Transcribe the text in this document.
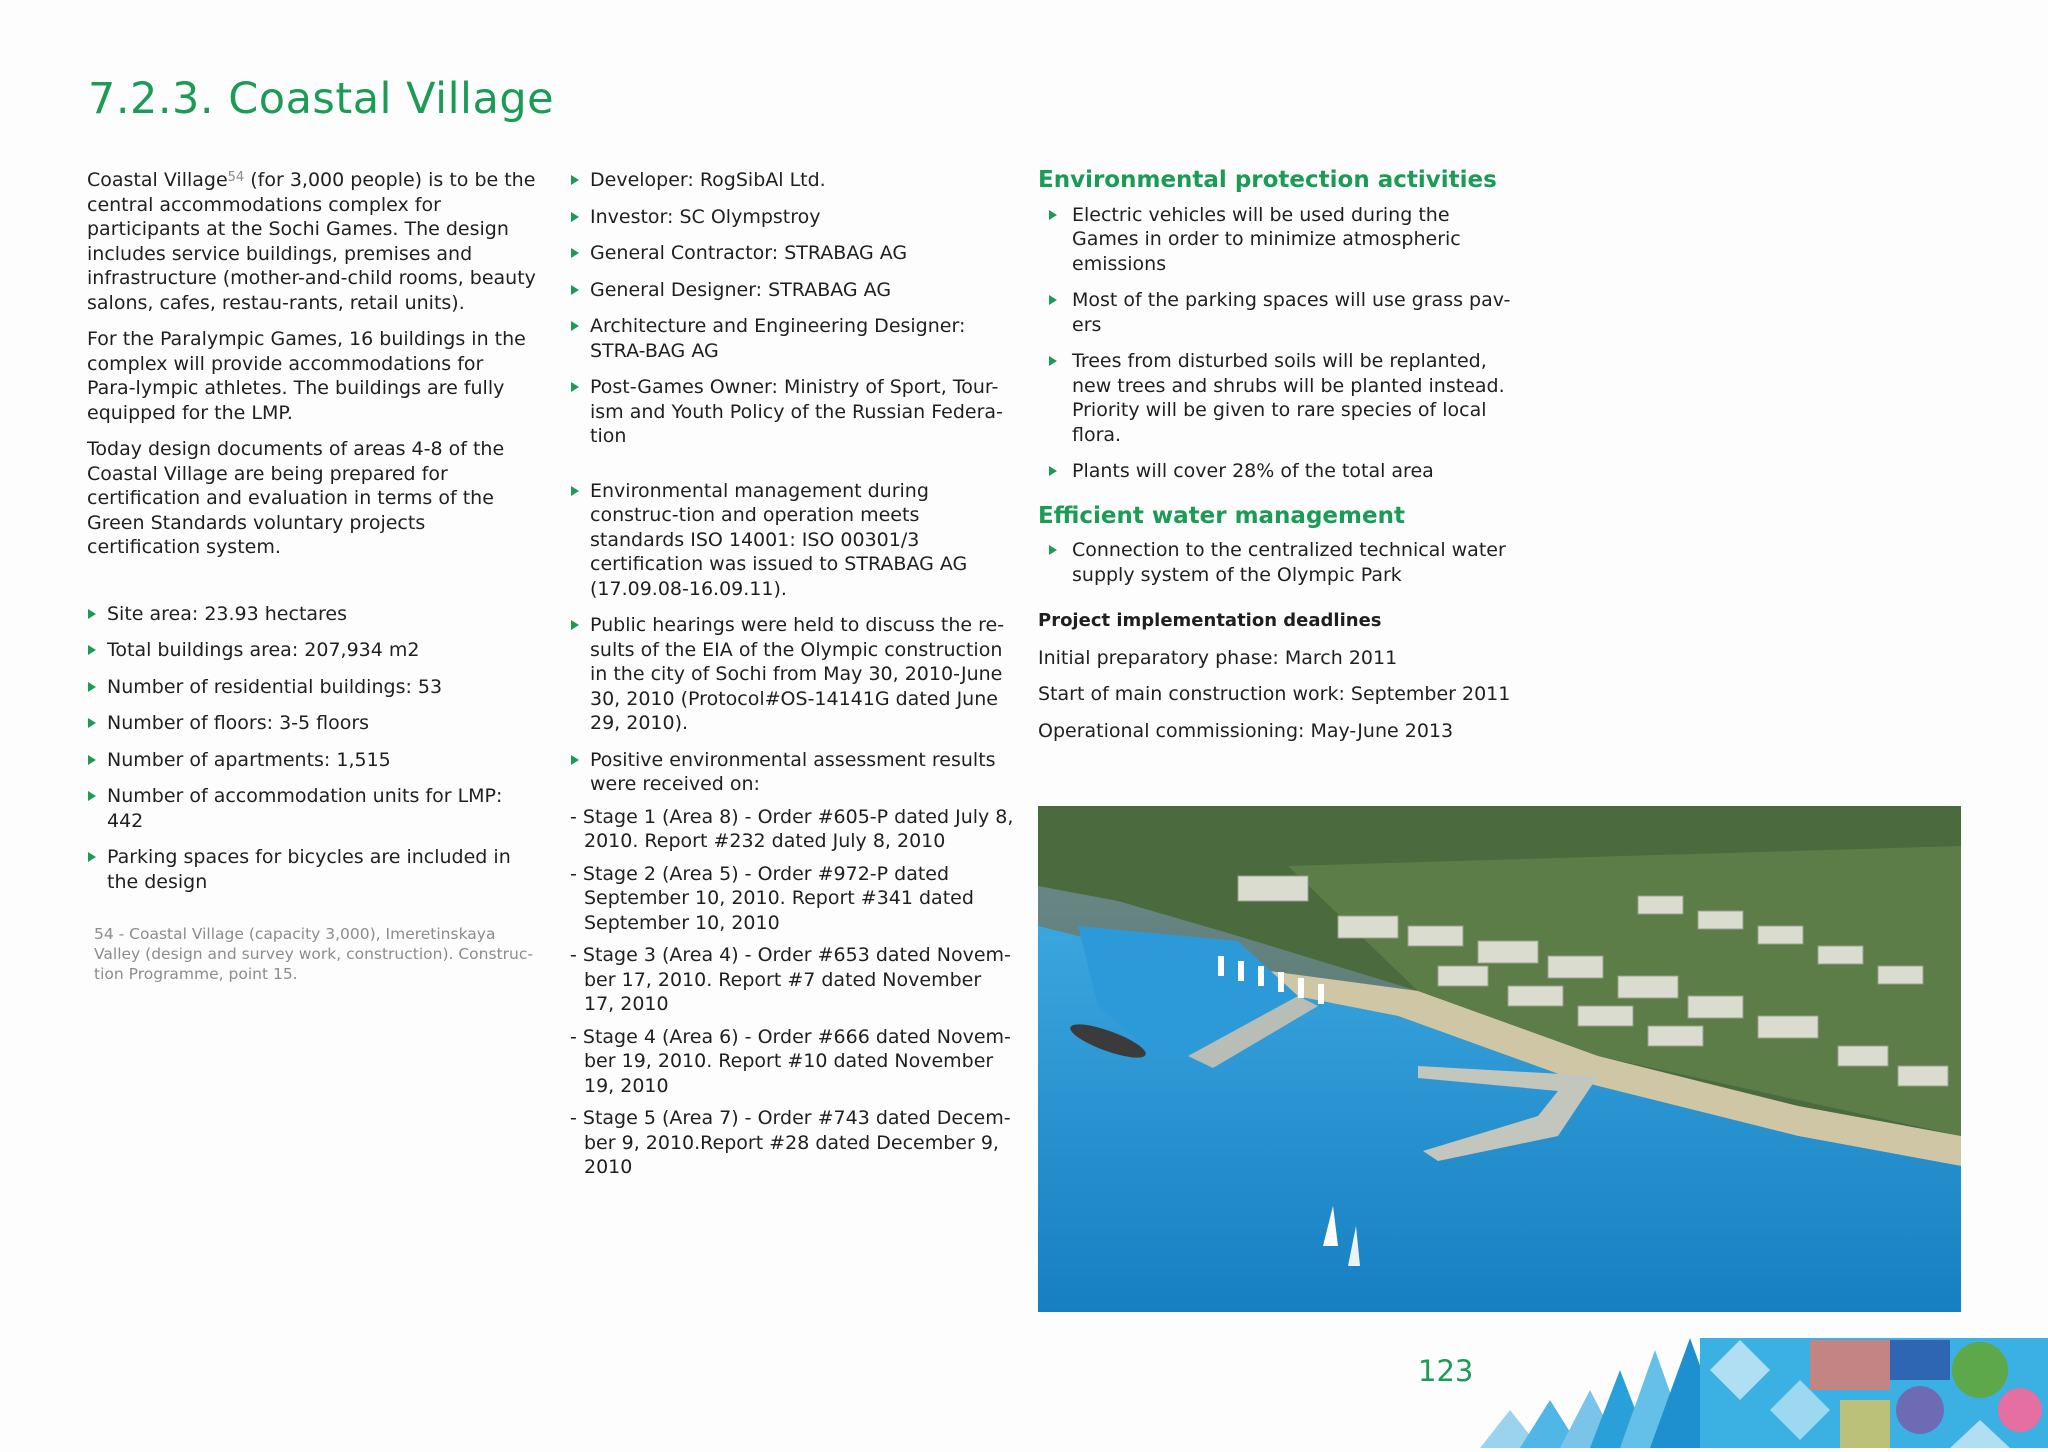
7.2.3. Coastal Village

Coastal Village$^{54}$ (for 3,000 people) is to be the central accommodations complex for participants at the Sochi Games. The design includes service buildings, premises and infrastructure (mother-and-child rooms, beauty salons, cafes, restau-rants, retail units).

For the Paralympic Games, 16 buildings in the complex will provide accommodations for Para-lympic athletes. The buildings are fully equipped for the LMP.

Today design documents of areas 4-8 of the Coastal Village are being prepared for certification and evaluation in terms of the Green Standards voluntary projects certification system.

Site area: 23.93 hectares
Total buildings area: 207,934 m2
Number of residential buildings: 53
Number of floors: 3-5 floors
Number of apartments: 1,515
Number of accommodation units for LMP: 442
Parking spaces for bicycles are included in the design
54 - Coastal Village (capacity 3,000), Imeretinskaya Valley (design and survey work, construction). Construc-tion Programme, point 15.
Developer: RogSibAl Ltd.
Investor: SC Olympstroy
General Contractor: STRABAG AG
General Designer: STRABAG AG
Architecture and Engineering Designer: STRA-BAG AG
Post-Games Owner: Ministry of Sport, Tour-ism and Youth Policy of the Russian Federa-tion
Environmental management during construc-tion and operation meets standards ISO 14001: ISO 00301/3 certification was issued to STRABAG AG (17.09.08-16.09.11).
Public hearings were held to discuss the re-sults of the EIA of the Olympic construction in the city of Sochi from May 30, 2010-June 30, 2010 (Protocol#OS-14141G dated June 29, 2010).
Positive environmental assessment results were received on:
- Stage 1 (Area 8) - Order #605-P dated July 8, 2010. Report #232 dated July 8, 2010
- Stage 2 (Area 5) - Order #972-P dated September 10, 2010. Report #341 dated September 10, 2010
- Stage 3 (Area 4) - Order #653 dated Novem-ber 17, 2010. Report #7 dated November 17, 2010
- Stage 4 (Area 6) - Order #666 dated Novem-ber 19, 2010. Report #10 dated November 19, 2010
- Stage 5 (Area 7) - Order #743 dated Decem-ber 9, 2010.Report #28 dated December 9, 2010
Environmental protection activities
Electric vehicles will be used during the Games in order to minimize atmospheric emissions
Most of the parking spaces will use grass pav-ers
Trees from disturbed soils will be replanted, new trees and shrubs will be planted instead. Priority will be given to rare species of local flora.
Plants will cover 28% of the total area
Efficient water management
Connection to the centralized technical water supply system of the Olympic Park
Project implementation deadlines

Initial preparatory phase: March 2011

Start of main construction work: September 2011

Operational commissioning: May-June 2013

123
